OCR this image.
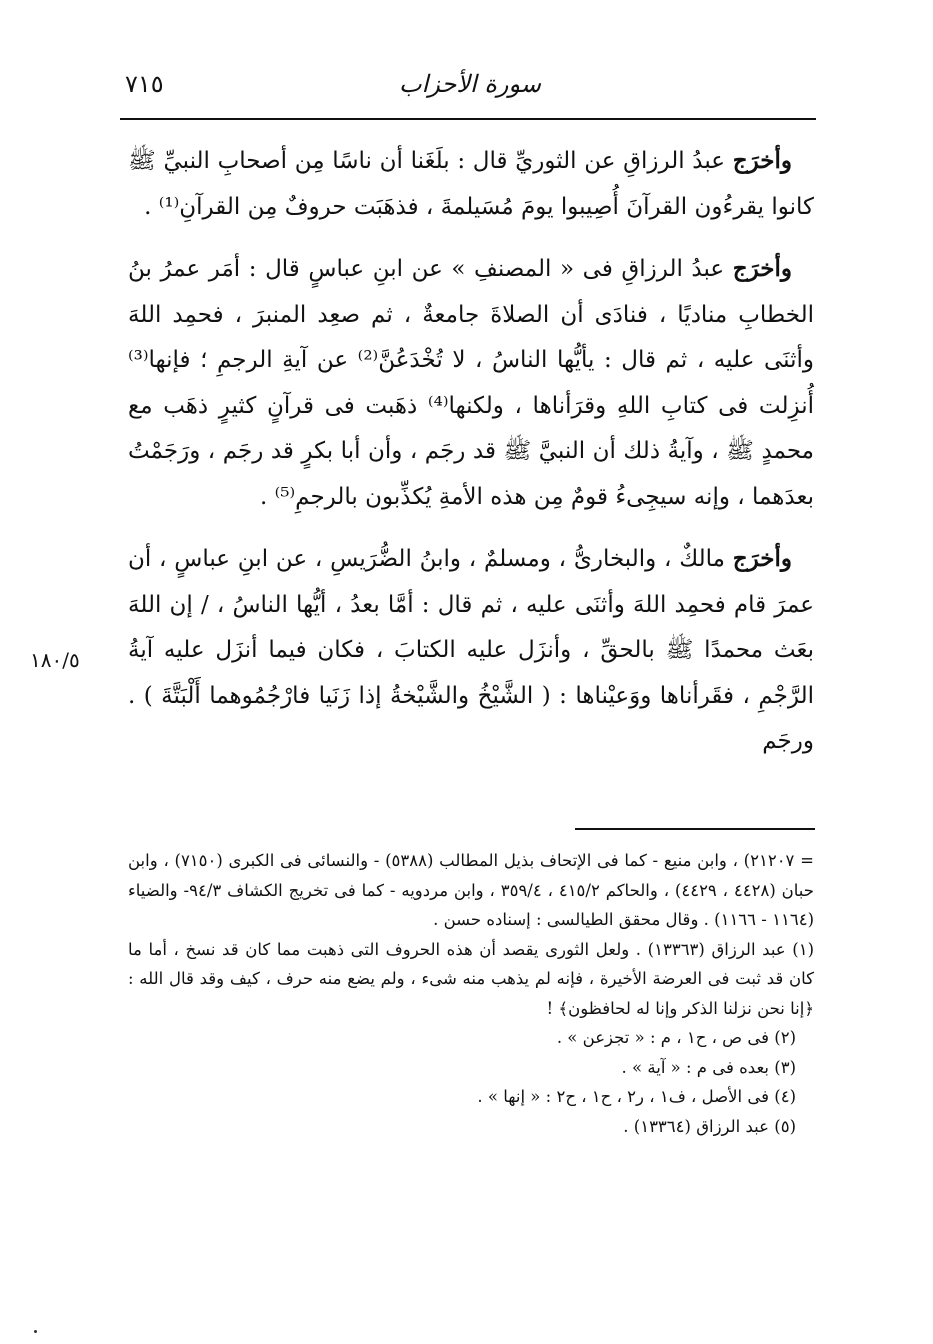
٧١٥	سورة الأحزاب

وأخرَج عبدُ الرزاقِ عن الثوريِّ قال : بلَغَنا أن ناسًا مِن أصحابِ النبيِّ ﷺ كانوا يقرءُون القرآنَ أُصِيبوا يومَ مُسَيلمةَ ، فذهَبَت حروفٌ مِن القرآنِ⁽¹⁾ .

وأخرَج عبدُ الرزاقِ فى « المصنفِ » عن ابنِ عباسٍ قال : أمَر عمرُ بنُ الخطابِ مناديًا ، فنادَى أن الصلاةَ جامعةٌ ، ثم صعِد المنبرَ ، فحمِد اللهَ وأثنَى عليه ، ثم قال : يأيُّها الناسُ ، لا تُخْدَعُنَّ⁽²⁾ عن آيةِ الرجمِ ؛ فإنها⁽³⁾ أُنزِلت فى كتابِ اللهِ وقرَأناها ، ولكنها⁽⁴⁾ ذهَبت فى قرآنٍ كثيرٍ ذهَب مع محمدٍ ﷺ ، وآيةُ ذلك أن النبيَّ ﷺ قد رجَم ، وأن أبا بكرٍ قد رجَم ، ورَجَمْتُ بعدَهما ، وإنه سيجِىءُ قومٌ مِن هذه الأمةِ يُكذِّبون بالرجمِ⁽⁵⁾ .

وأخرَج مالكٌ ، والبخارىُّ ، ومسلمٌ ، وابنُ الضُّرَيسِ ، عن ابنِ عباسٍ ، أن عمرَ قام فحمِد اللهَ وأثنَى عليه ، ثم قال : أمَّا بعدُ ، أيُّها الناسُ ، / إن اللهَ بعَث محمدًا ﷺ بالحقِّ ، وأنزَل عليه الكتابَ ، فكان فيما أنزَل عليه آيةُ الرَّجْمِ ، فقَرأناها ووَعيْناها : ( الشَّيْخُ والشَّيْخةُ إذا زَنَيا فارْجُمُوهما أَلْبَتَّةَ ) . ورجَم

١٨٠/٥
= ٢١٢٠٧) ، وابن منيع - كما فى الإتحاف بذيل المطالب (٥٣٨٨) - والنسائى فى الكبرى (٧١٥٠) ، وابن حبان (٤٤٢٨ ، ٤٤٢٩) ، والحاكم ٤١٥/٢ ، ٣٥٩/٤ ، وابن مردويه - كما فى تخريج الكشاف ٩٤/٣- والضياء (١١٦٤ - ١١٦٦) . وقال محقق الطيالسى : إسناده حسن .
(١) عبد الرزاق (١٣٣٦٣) . ولعل الثورى يقصد أن هذه الحروف التى ذهبت مما كان قد نسخ ، أما ما كان قد ثبت فى العرضة الأخيرة ، فإنه لم يذهب منه شىء ، ولم يضع منه حرف ، كيف وقد قال الله : ﴿إنا نحن نزلنا الذكر وإنا له لحافظون﴾ !
(٢) فى ص ، ح١ ، م : « تجزعن » .
(٣) بعده فى م : « آية » .
(٤) فى الأصل ، ف١ ، ر٢ ، ح١ ، ح٢ : « إنها » .
(٥) عبد الرزاق (١٣٣٦٤) .
